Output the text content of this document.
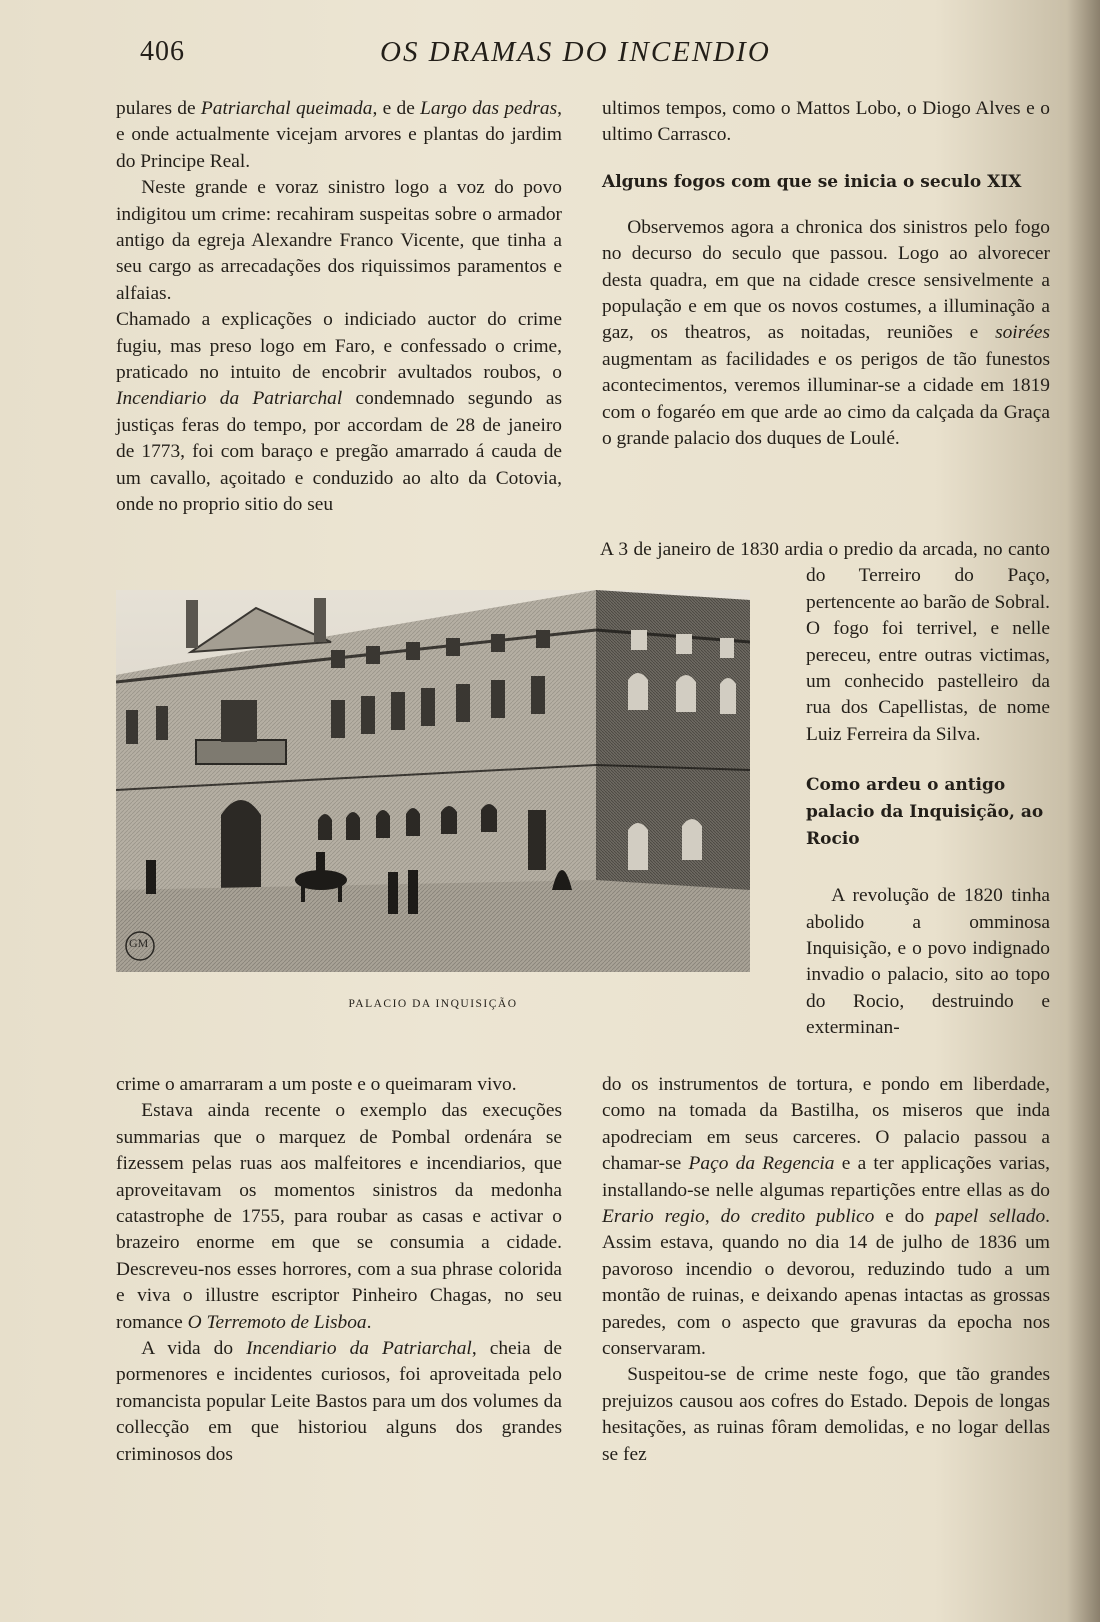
406	OS DRAMAS DO INCENDIO

pulares de Patriarchal queimada, e de Largo das pedras, e onde actualmente vicejam arvores e plantas do jardim do Principe Real.

Neste grande e voraz sinistro logo a voz do povo indigitou um crime: recahiram suspeitas sobre o armador antigo da egreja Alexandre Franco Vicente, que tinha a seu cargo as arrecadações dos riquissimos paramentos e alfaias.

Chamado a explicações o indiciado auctor do crime fugiu, mas preso logo em Faro, e confessado o crime, praticado no intuito de encobrir avultados roubos, o Incendiario da Patriarchal condemnado segundo as justiças feras do tempo, por accordam de 28 de janeiro de 1773, foi com baraço e pregão amarrado á cauda de um cavallo, açoitado e conduzido ao alto da Cotovia, onde no proprio sitio do seu

GM
PALACIO DA INQUISIÇÃO

crime o amarraram a um poste e o queimaram vivo.

Estava ainda recente o exemplo das execuções summarias que o marquez de Pombal ordenára se fizessem pelas ruas aos malfeitores e incendiarios, que aproveitavam os momentos sinistros da medonha catastrophe de 1755, para roubar as casas e activar o brazeiro enorme em que se consumia a cidade. Descreveu-nos esses horrores, com a sua phrase colorida e viva o illustre escriptor Pinheiro Chagas, no seu romance O Terremoto de Lisboa.

A vida do Incendiario da Patriarchal, cheia de pormenores e incidentes curiosos, foi aproveitada pelo romancista popular Leite Bastos para um dos volumes da collecção em que historiou alguns dos grandes criminosos dos

ultimos tempos, como o Mattos Lobo, o Diogo Alves e o ultimo Carrasco.

Alguns fogos com que se inicia o seculo XIX

Observemos agora a chronica dos sinistros pelo fogo no decurso do seculo que passou. Logo ao alvorecer desta quadra, em que na cidade cresce sensivelmente a população e em que os novos costumes, a illuminação a gaz, os theatros, as noitadas, reuniões e soirées augmentam as facilidades e os perigos de tão funestos acontecimentos, veremos illuminar-se a cidade em 1819 com o fogaréo em que arde ao cimo da calçada da Graça o grande palacio dos duques de Loulé.

A 3 de janeiro de 1830 ardia o predio da arcada, no canto do Terreiro do Paço, pertencente ao barão de Sobral. O fogo foi terrivel, e nelle pereceu, entre outras victimas, um conhecido pastelleiro da rua dos Capellistas, de nome Luiz Ferreira da Silva.

Como ardeu o antigo palacio da Inquisição, ao Rocio

A revolução de 1820 tinha abolido a omminosa Inquisição, e o povo indignado invadio o palacio, sito ao topo do Rocio, destruindo e exterminan-

do os instrumentos de tortura, e pondo em liberdade, como na tomada da Bastilha, os miseros que inda apodreciam em seus carceres. O palacio passou a chamar-se Paço da Regencia e a ter applicações varias, installando-se nelle algumas repartições entre ellas as do Erario regio, do credito publico e do papel sellado. Assim estava, quando no dia 14 de julho de 1836 um pavoroso incendio o devorou, reduzindo tudo a um montão de ruinas, e deixando apenas intactas as grossas paredes, com o aspecto que gravuras da epocha nos conservaram.

Suspeitou-se de crime neste fogo, que tão grandes prejuizos causou aos cofres do Estado. Depois de longas hesitações, as ruinas fôram demolidas, e no logar dellas se fez
